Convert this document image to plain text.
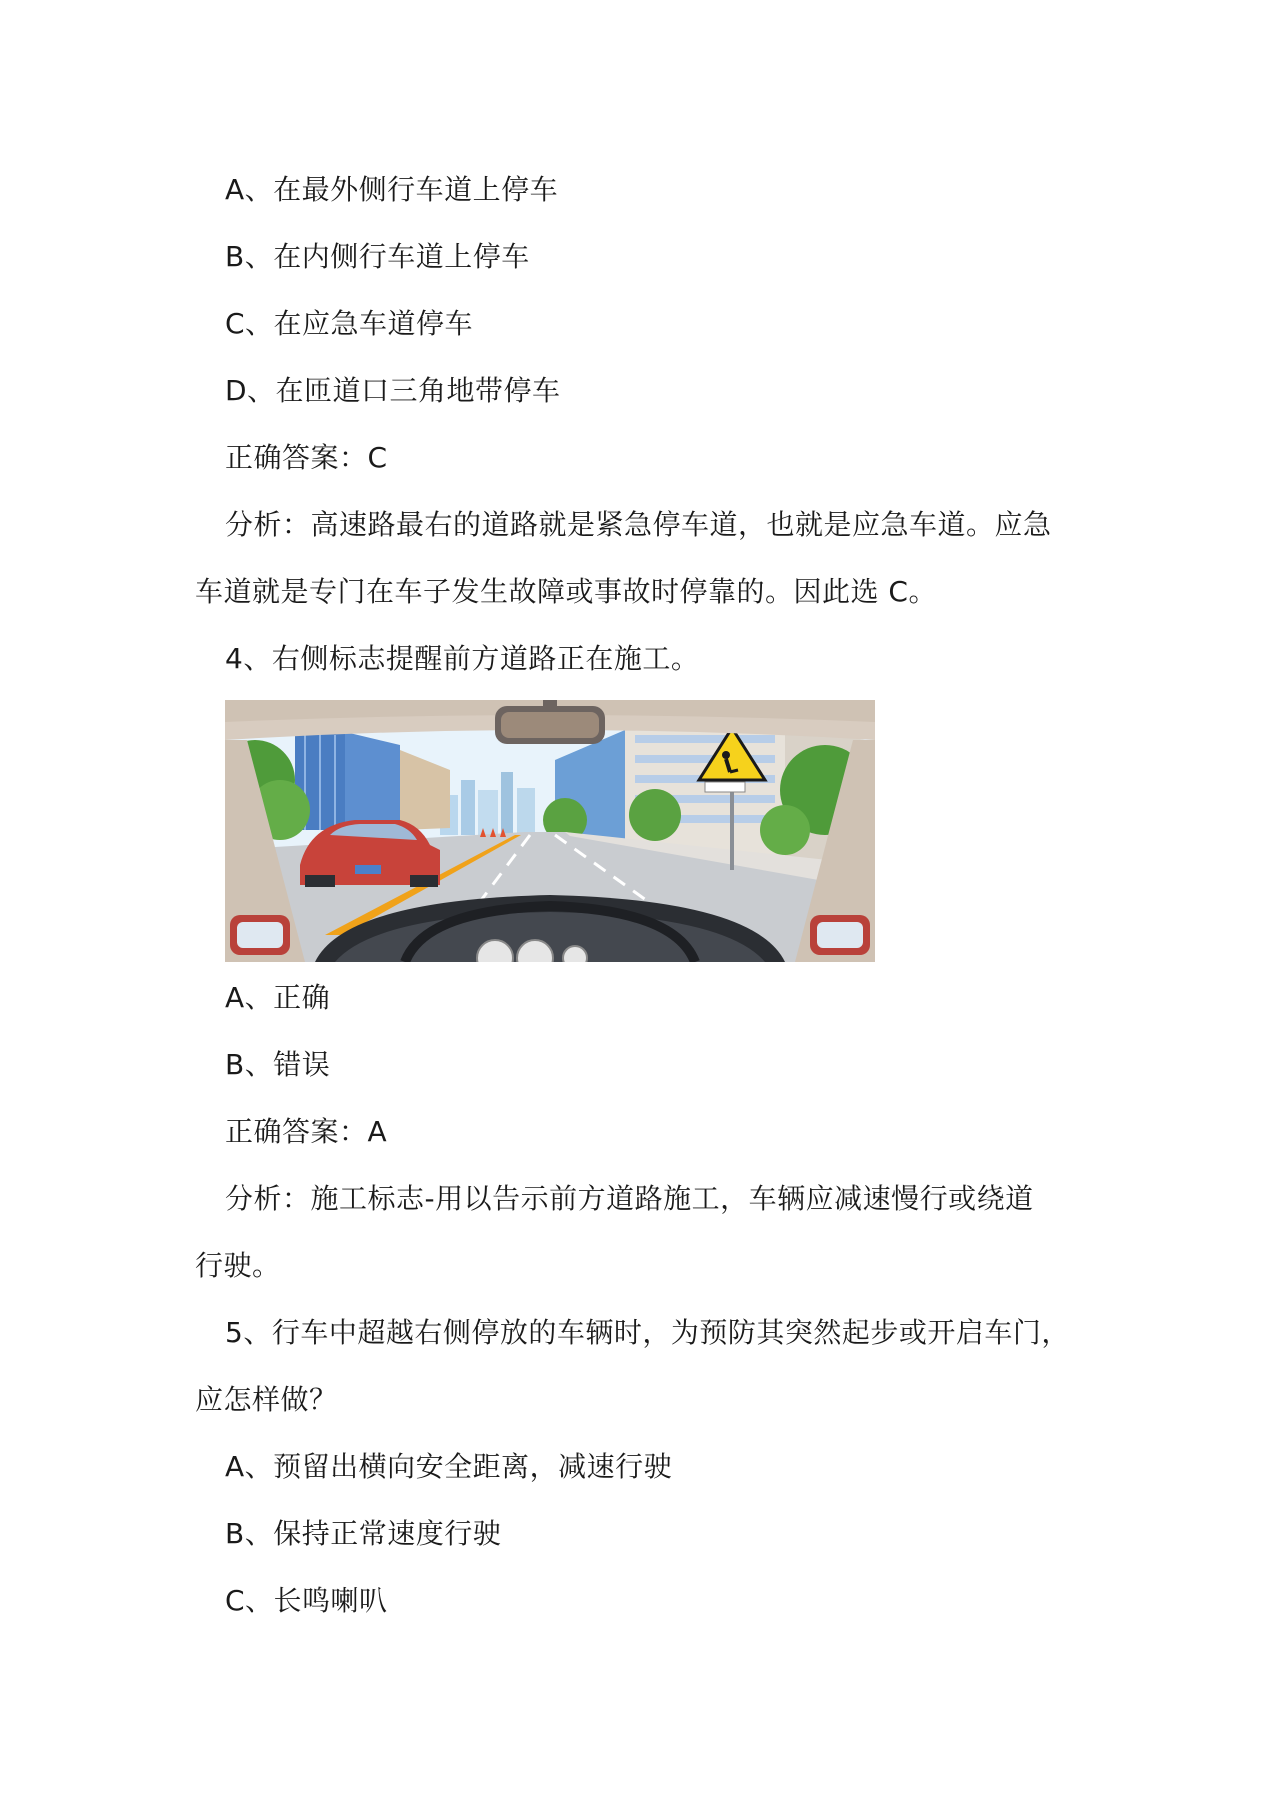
A、在最外侧行车道上停车
B、在内侧行车道上停车
C、在应急车道停车
D、在匝道口三角地带停车
正确答案：C
分析：高速路最右的道路就是紧急停车道，也就是应急车道。应急
车道就是专门在车子发生故障或事故时停靠的。因此选 C。
4、右侧标志提醒前方道路正在施工。
A、正确
B、错误
正确答案：A
分析：施工标志-用以告示前方道路施工，车辆应减速慢行或绕道
行驶。
5、行车中超越右侧停放的车辆时，为预防其突然起步或开启车门，
应怎样做？
A、预留出横向安全距离，减速行驶
B、保持正常速度行驶
C、长鸣喇叭
